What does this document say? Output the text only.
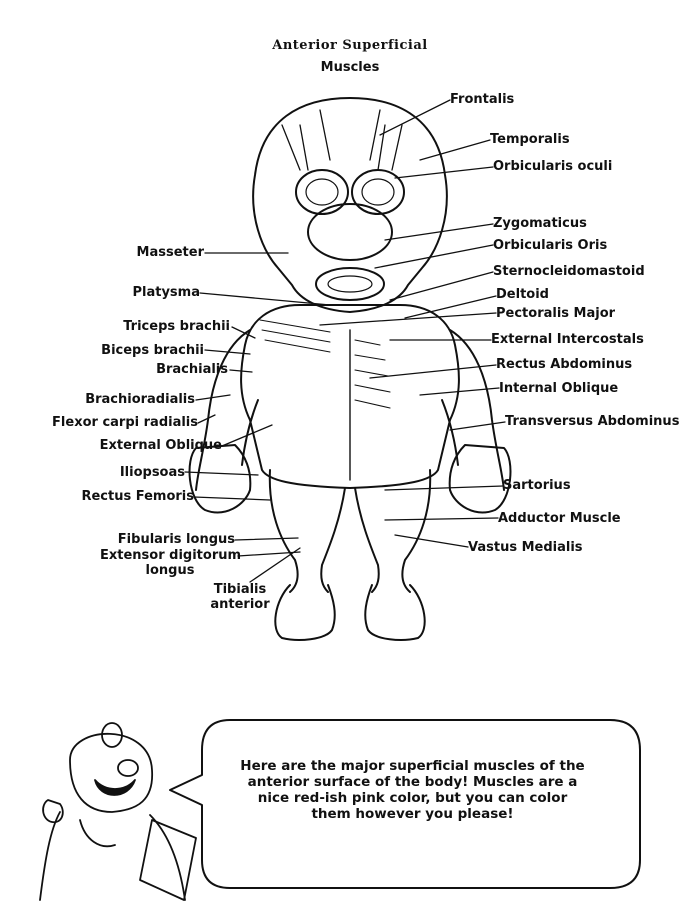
Anterior Superficial
Muscles
Frontalis
Temporalis
Orbicularis oculi
Zygomaticus
Orbicularis Oris
Sternocleidomastoid
Deltoid
Pectoralis Major
External Intercostals
Rectus Abdominus
Internal Oblique
Transversus Abdominus
Sartorius
Adductor Muscle
Vastus Medialis
Masseter
Platysma
Triceps brachii
Biceps brachii
Brachialis
Brachioradialis
Flexor carpi radialis
External Oblique
Iliopsoas
Rectus Femoris
Fibularis longus
Extensor digitorum
longus
Tibialis
anterior
Here are the major superficial muscles of the anterior surface of the body! Muscles are a nice red-ish pink color, but you can color them however you please!
